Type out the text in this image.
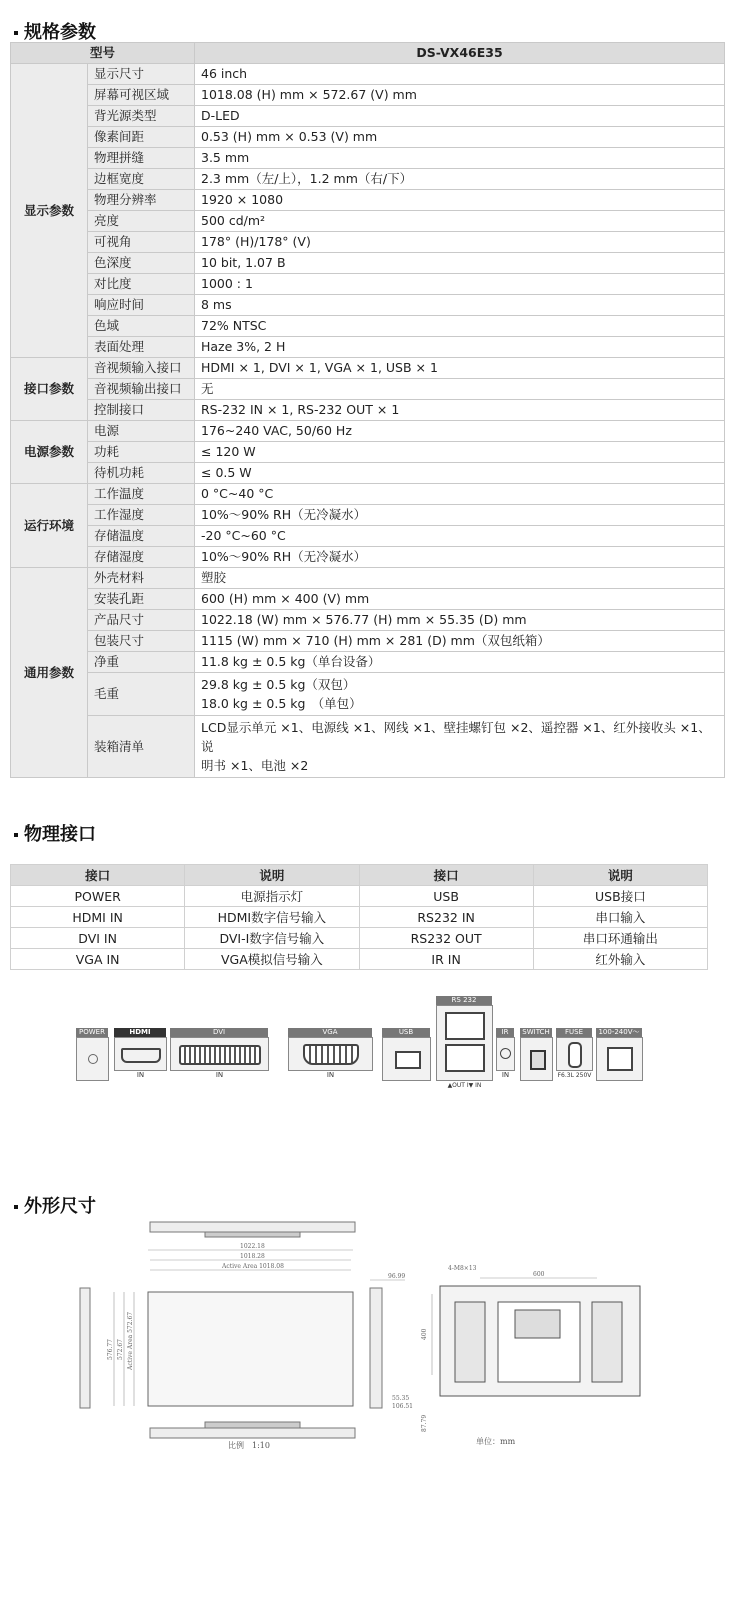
规格参数
型号		DS-VX46E35
显示参数	显示尺寸	46 inch

	屏幕可视区域	1018.08 (H) mm × 572.67 (V) mm

	背光源类型	D-LED

	像素间距	0.53 (H) mm × 0.53 (V) mm

	物理拼缝	3.5 mm

	边框宽度	2.3 mm（左/上），1.2 mm（右/下）

	物理分辨率	1920 × 1080

	亮度	500 cd/m²

	可视角	178° (H)/178° (V)

	色深度	10 bit, 1.07 B

	对比度	1000 : 1

	响应时间	8 ms

	色域	72% NTSC

	表面处理	Haze 3%, 2 H

接口参数	音视频输入接口	HDMI × 1, DVI × 1, VGA × 1, USB × 1

	音视频输出接口	无

	控制接口	RS-232 IN × 1, RS-232 OUT × 1

电源参数	电源	176~240 VAC, 50/60 Hz

	功耗	≤ 120 W

	待机功耗	≤ 0.5 W

运行环境	工作温度	0 °C~40 °C

	工作湿度	10%～90% RH（无冷凝水）

	存储温度	-20 °C~60 °C

	存储湿度	10%～90% RH（无冷凝水）

通用参数	外壳材料	塑胶

	安装孔距	600 (H) mm × 400 (V) mm

	产品尺寸	1022.18 (W) mm × 576.77 (H) mm × 55.35 (D) mm

	包装尺寸	1115 (W) mm × 710 (H) mm × 281 (D) mm（双包纸箱）

	净重	11.8 kg ± 0.5 kg（单台设备）

	毛重	29.8 kg ± 0.5 kg（双包）
18.0 kg ± 0.5 kg　（单包）

	装箱清单	LCD显示单元 ×1、电源线 ×1、网线 ×1、壁挂螺钉包 ×2、遥控器 ×1、红外接收头 ×1、说
明书 ×1、电池 ×2
物理接口
接口	说明	接口	说明
POWER	电源指示灯	USB	USB接口
HDMI IN	HDMI数字信号输入	RS232 IN	串口输入
DVI IN	DVI-I数字信号输入	RS232 OUT	串口环通输出
VGA IN	VGA模拟信号输入	IR IN	红外输入
POWER	HDMI
IN
DVI
IN
VGA
IN
USB
RS 232
▲OUT Ⅰ▼ IN
IR
IN
SWITCH	FUSE
F6.3L 250V
100-240V～
外形尺寸
1022.18
1018.28
Active Area 1018.08
576.77 572.67 Active Area 572.67
比例　1:10
96.99
55.35
106.51
600
4-M8×13
400
87.79
单位：mm
